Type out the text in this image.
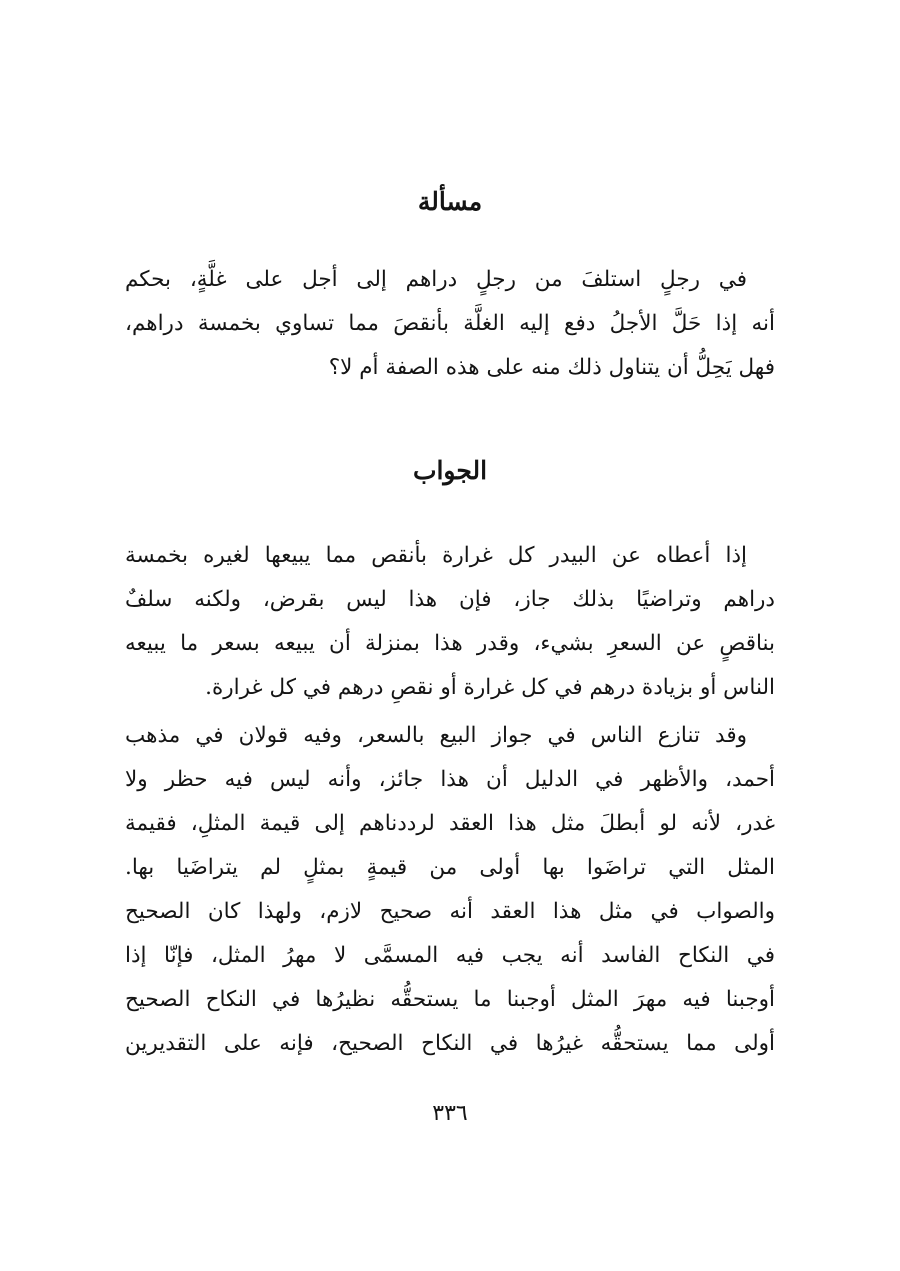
مسألة
في رجلٍ استلفَ من رجلٍ دراهم إلى أجل على غلَّةٍ، بحكم
أنه إذا حَلَّ الأجلُ دفع إليه الغلَّة بأنقصَ مما تساوي بخمسة دراهم،
فهل يَحِلُّ أن يتناول ذلك منه على هذه الصفة أم لا؟
الجواب
إذا أعطاه عن البيدر كل غرارة بأنقص مما يبيعها لغيره بخمسة
دراهم وتراضيًا بذلك جاز، فإن هذا ليس بقرض، ولكنه سلفٌ
بناقصٍ عن السعرِ بشيء، وقدر هذا بمنزلة أن يبيعه بسعر ما يبيعه
الناس أو بزيادة درهم في كل غرارة أو نقصِ درهم في كل غرارة.
وقد تنازع الناس في جواز البيع بالسعر، وفيه قولان في مذهب
أحمد، والأظهر في الدليل أن هذا جائز، وأنه ليس فيه حظر ولا
غدر، لأنه لو أبطلَ مثل هذا العقد لرددناهم إلى قيمة المثلِ، فقيمة
المثل التي تراضَوا بها أولى من قيمةٍ بمثلٍ لم يتراضَيا بها.
والصواب في مثل هذا العقد أنه صحيح لازم، ولهذا كان الصحيح
في النكاح الفاسد أنه يجب فيه المسمَّى لا مهرُ المثل، فإنّا إذا
أوجبنا فيه مهرَ المثل أوجبنا ما يستحقُّه نظيرُها في النكاح الصحيح
أولى مما يستحقُّه غيرُها في النكاح الصحيح، فإنه على التقديرين
٣٣٦
